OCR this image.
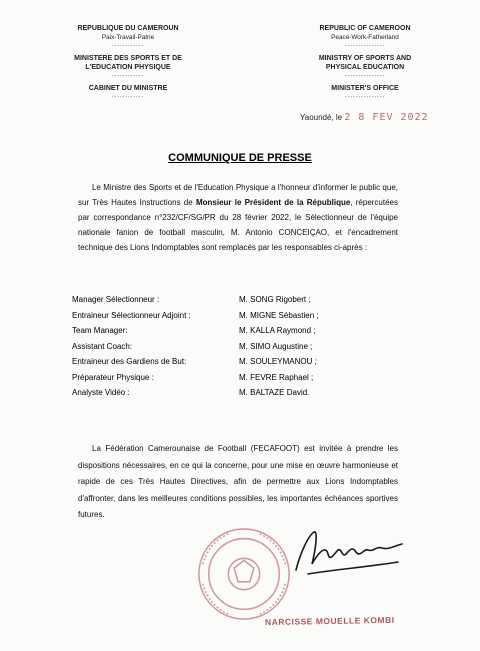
REPUBLIQUE DU CAMEROUN
Paix-Travail-Patrie
............
MINISTERE DES SPORTS ET DE
L'EDUCATION PHYSIQUE
............
CABINET DU MINISTRE
............
REPUBLIC OF CAMEROON
Peace-Work-Fatherland
...............
MINISTRY OF SPORTS AND
PHYSICAL EDUCATION
...............
MINISTER'S OFFICE
...............
Yaoundé, le 2 8 FEV 2022
COMMUNIQUE DE PRESSE
Le Ministre des Sports et de l'Education Physique a l'honneur d'informer le public que, sur Très Hautes Instructions de Monsieur le Président de la République, répercutées par correspondance n°232/CF/SG/PR du 28 février 2022, le Sélectionneur de l'équipe nationale fanion de football masculin, M. Antonio CONCEIÇAO, et l'encadrement technique des Lions Indomptables sont remplacés par les responsables ci-après :
Manager Sélectionneur :	M. SONG Rigobert ;
Entraineur Sélectionneur Adjoint :	M. MIGNE Sébastien ;
Team Manager:	M. KALLA Raymond ;
Assistant Coach:	M. SIMO Augustine ;
Entraineur des Gardiens de But:	M. SOULEYMANOU ;
Préparateur Physique :	M. FEVRE Raphael ;
Analyste Vidéo :	M. BALTAZE David.
La Fédération Camerounaise de Football (FECAFOOT) est invitée à prendre les dispositions nécessaires, en ce qui la concerne, pour une mise en œuvre harmonieuse et rapide de ces Très Hautes Directives, afin de permettre aux Lions Indomptables d'affronter, dans les meilleures conditions possibles, les importantes échéances sportives futures.
NARCISSE MOUELLE KOMBI
